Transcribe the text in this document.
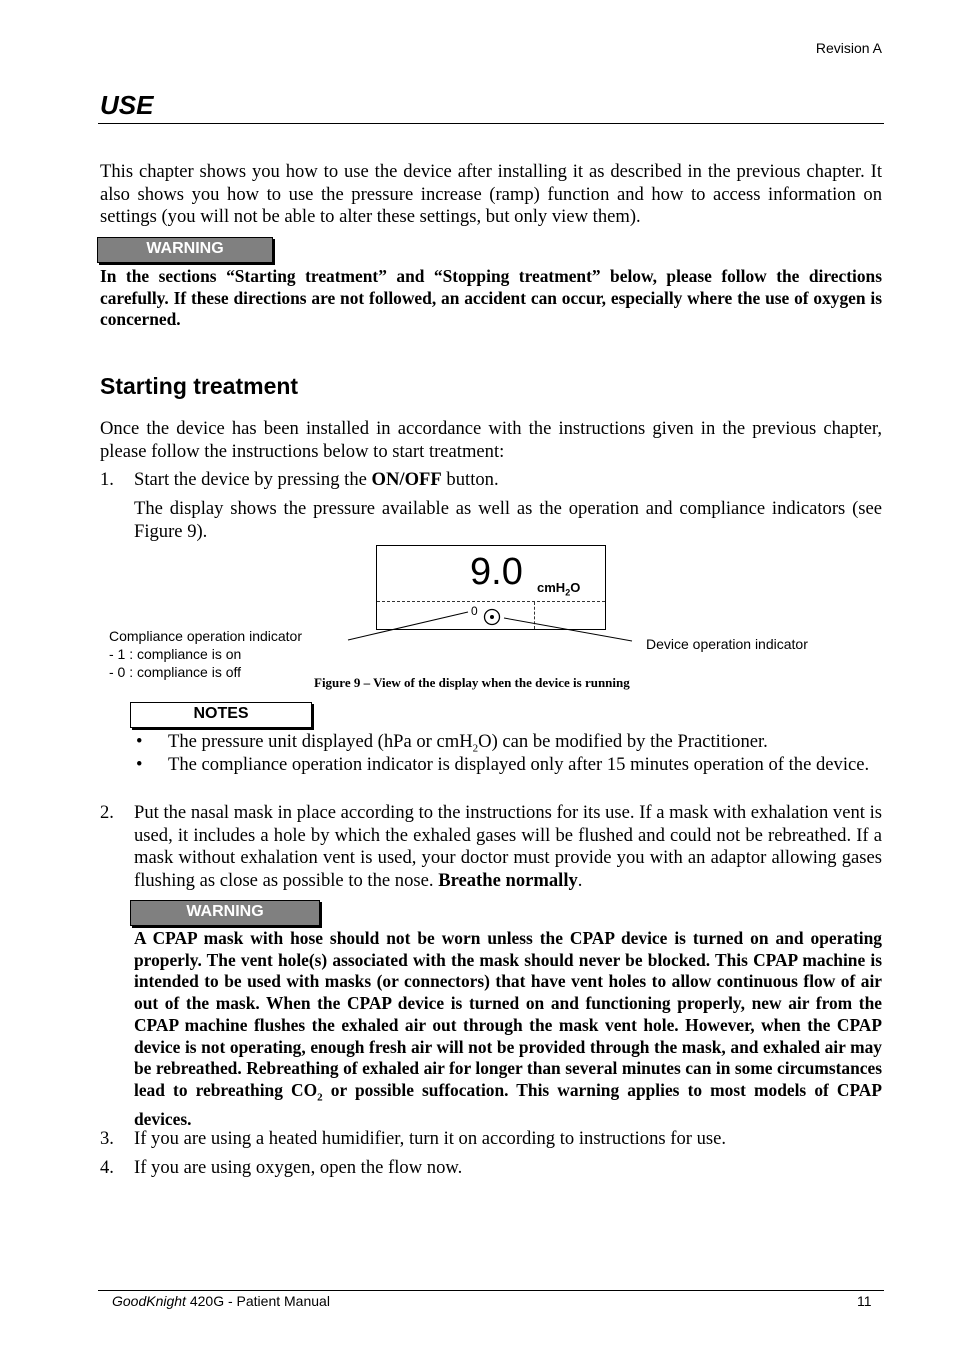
Revision A
USE
This chapter shows you how to use the device after installing it as described in the previous chapter. It also shows you how to use the pressure increase (ramp) function and how to access information on settings (you will not be able to alter these settings, but only view them).
WARNING
In the sections “Starting treatment” and “Stopping treatment” below, please follow the directions carefully. If these directions are not followed, an accident can occur, especially where the use of oxygen is concerned.
Starting treatment
Once the device has been installed in accordance with the instructions given in the previous chapter, please follow the instructions below to start treatment:
1. Start the device by pressing the ON/OFF button.
The display shows the pressure available as well as the operation and compliance indicators (see Figure 9).
9.0 cmH$_2$O
0
Compliance operation indicator
- 1 : compliance is on
- 0 : compliance is off
Device operation indicator
Figure 9 – View of the display when the device is running
NOTES
• The pressure unit displayed (hPa or cmH$_2$O) can be modified by the Practitioner.
• The compliance operation indicator is displayed only after 15 minutes operation of the device.
2. Put the nasal mask in place according to the instructions for its use. If a mask with exhalation vent is used, it includes a hole by which the exhaled gases will be flushed and could not be rebreathed. If a mask without exhalation vent is used, your doctor must provide you with an adaptor allowing gases flushing as close as possible to the nose. Breathe normally.
WARNING
A CPAP mask with hose should not be worn unless the CPAP device is turned on and operating properly. The vent hole(s) associated with the mask should never be blocked. This CPAP machine is intended to be used with masks (or connectors) that have vent holes to allow continuous flow of air out of the mask. When the CPAP device is turned on and functioning properly, new air from the CPAP machine flushes the exhaled air out through the mask vent hole. However, when the CPAP device is not operating, enough fresh air will not be provided through the mask, and exhaled air may be rebreathed. Rebreathing of exhaled air for longer than several minutes can in some circumstances lead to rebreathing $CO_2$ or possible suffocation. This warning applies to most models of CPAP devices.
3. If you are using a heated humidifier, turn it on according to instructions for use.
4. If you are using oxygen, open the flow now.
GoodKnight 420G - Patient Manual	11
